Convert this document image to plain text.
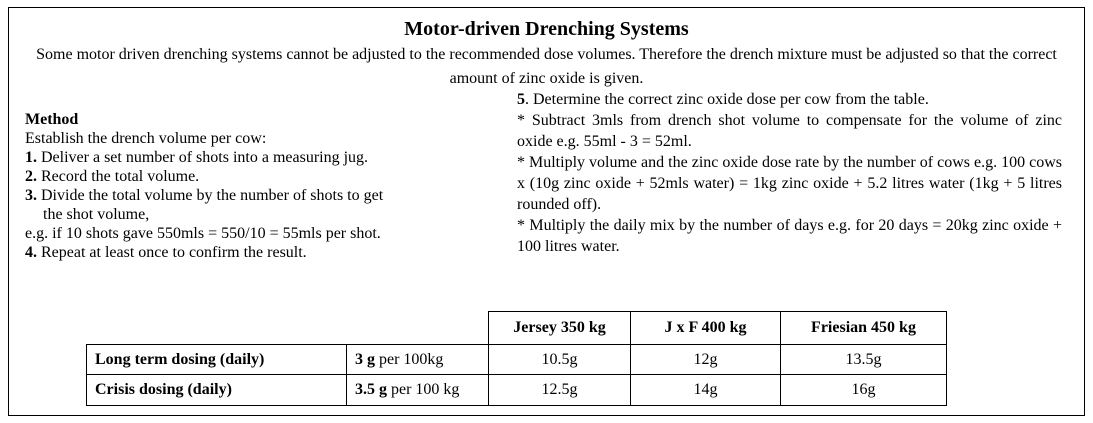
Motor-driven Drenching Systems
Some motor driven drenching systems cannot be adjusted to the recommended dose volumes. Therefore the drench mixture must be adjusted so that the correct amount of zinc oxide is given.

Method

Establish the drench volume per cow:

1. Deliver a set number of shots into a measuring jug.

2. Record the total volume.

3. Divide the total volume by the number of shots to get

the shot volume,

e.g. if 10 shots gave 550mls = 550/10 = 55mls per shot.

4. Repeat at least once to confirm the result.

5. Determine the correct zinc oxide dose per cow from the table.

* Subtract 3mls from drench shot volume to compensate for the volume of zinc oxide e.g. 55ml - 3 = 52ml.

* Multiply volume and the zinc oxide dose rate by the number of cows e.g. 100 cows x (10g zinc oxide + 52mls water) = 1kg zinc oxide + 5.2 litres water (1kg + 5 litres rounded off).

* Multiply the daily mix by the number of days e.g. for 20 days = 20kg zinc oxide + 100 litres water.

		Jersey 350 kg	J x F 400 kg	Friesian 450 kg
Long term dosing (daily)	3 g per 100kg	10.5g	12g	13.5g
Crisis dosing (daily)	3.5 g per 100 kg	12.5g	14g	16g
